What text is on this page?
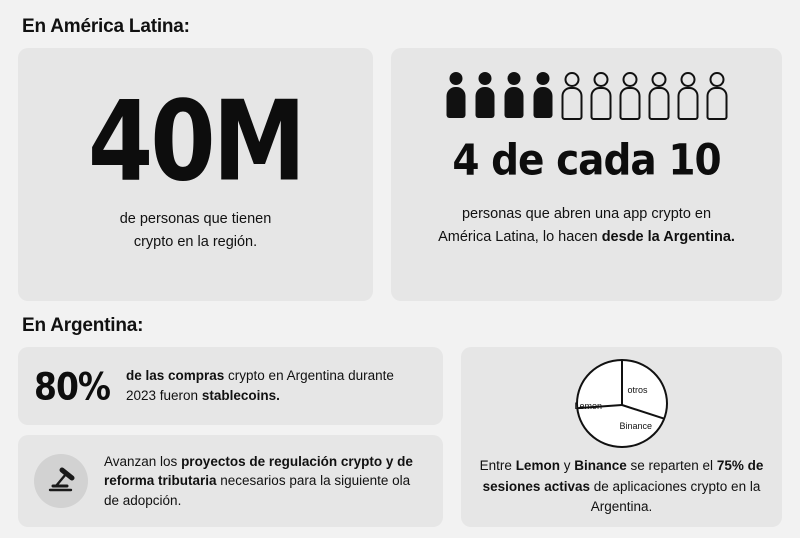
En América Latina:
40M
de personas que tienen
crypto en la región.
4 de cada 10
personas que abren una app crypto en
América Latina, lo hacen desde la Argentina.
En Argentina:
80% de las compras crypto en Argentina durante 2023 fueron stablecoins.
Avanzan los proyectos de regulación crypto y de reforma tributaria necesarios para la siguiente ola de adopción.
Lemon
otros
Binance
Entre Lemon y Binance se reparten el 75% de sesiones activas de aplicaciones crypto en la Argentina.
